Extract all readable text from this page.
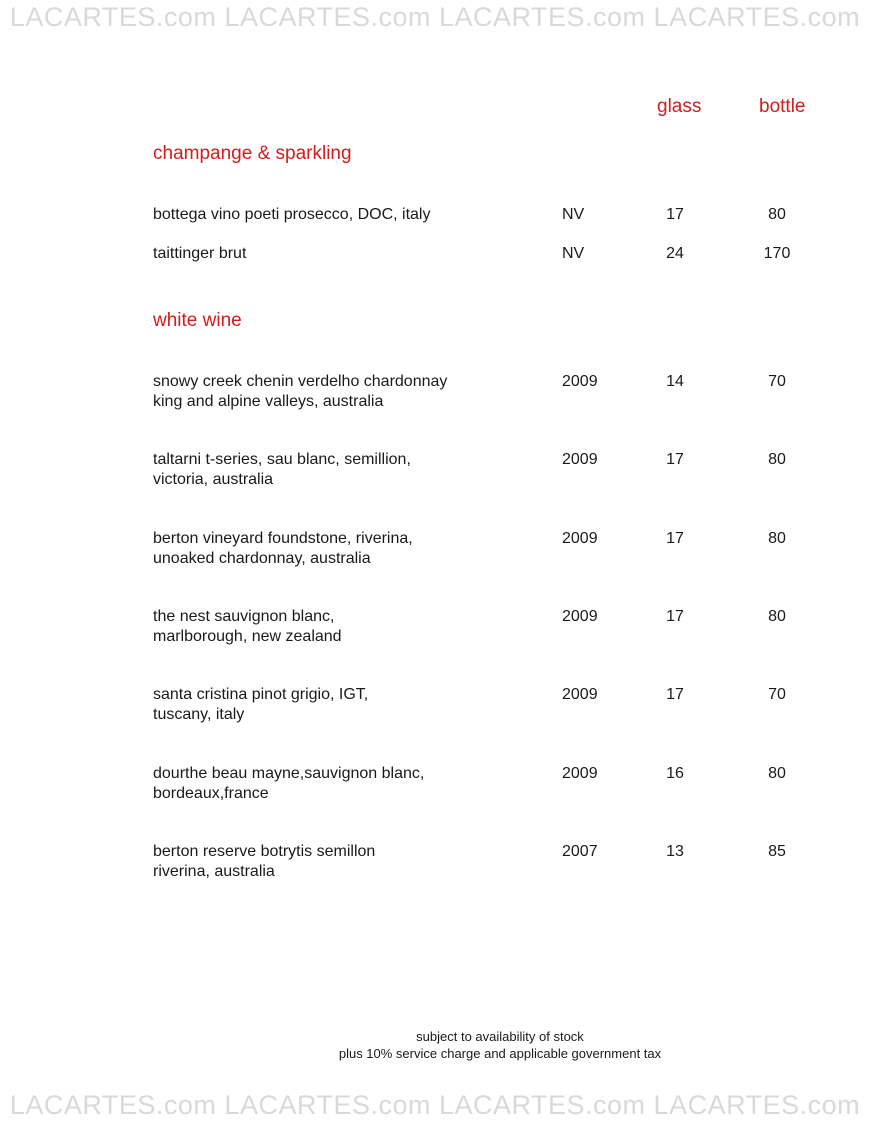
LACARTES.com LACARTES.com LACARTES.com LACARTES.com
glass	bottle
champange & sparkling
bottega vino poeti prosecco, DOC, italy	NV	17	80
taittinger brut	NV	24	170
white wine
snowy creek chenin verdelho chardonnay
king and alpine valleys, australia
2009	14	70
taltarni t-series, sau blanc, semillion,
victoria, australia
2009	17	80
berton vineyard foundstone, riverina,
unoaked chardonnay, australia
2009	17	80
the nest sauvignon blanc,
marlborough, new zealand
2009	17	80
santa cristina pinot grigio, IGT,
tuscany, italy
2009	17	70
dourthe beau mayne,sauvignon blanc,
bordeaux,france
2009	16	80
berton reserve botrytis semillon
riverina, australia
2007	13	85
subject to availability of stock
plus 10% service charge and applicable government tax
LACARTES.com LACARTES.com LACARTES.com LACARTES.com
